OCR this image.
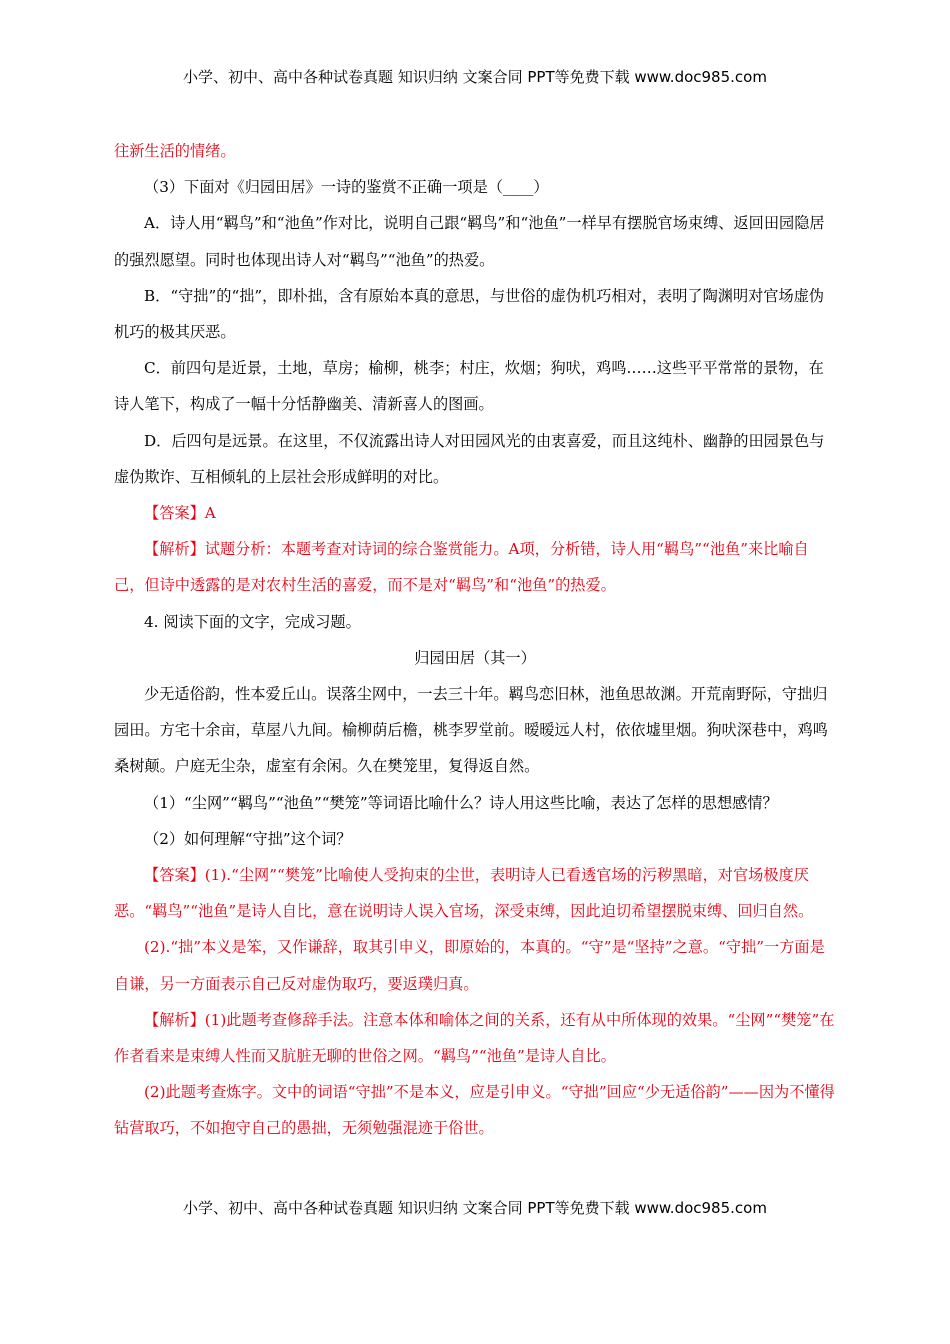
小学、初中、高中各种试卷真题 知识归纳 文案合同 PPT等免费下载 www.doc985.com

往新生活的情绪。

（3）下面对《归园田居》一诗的鉴赏不正确一项是（____）

A．诗人用“羁鸟”和“池鱼”作对比，说明自己跟“羁鸟”和“池鱼”一样早有摆脱官场束缚、返回田园隐居的强烈愿望。同时也体现出诗人对“羁鸟”“池鱼”的热爱。

B．“守拙”的“拙”，即朴拙，含有原始本真的意思，与世俗的虚伪机巧相对，表明了陶渊明对官场虚伪机巧的极其厌恶。

C．前四句是近景，土地，草房；榆柳，桃李；村庄，炊烟；狗吠，鸡鸣……这些平平常常的景物，在诗人笔下，构成了一幅十分恬静幽美、清新喜人的图画。

D．后四句是远景。在这里，不仅流露出诗人对田园风光的由衷喜爱，而且这纯朴、幽静的田园景色与虚伪欺诈、互相倾轧的上层社会形成鲜明的对比。

【答案】A

【解析】试题分析：本题考查对诗词的综合鉴赏能力。A项，分析错，诗人用“羁鸟”“池鱼”来比喻自己，但诗中透露的是对农村生活的喜爱，而不是对“羁鸟”和“池鱼”的热爱。

4. 阅读下面的文字，完成习题。

归园田居（其一）

少无适俗韵，性本爱丘山。误落尘网中，一去三十年。羁鸟恋旧林，池鱼思故渊。开荒南野际，守拙归园田。方宅十余亩，草屋八九间。榆柳荫后檐，桃李罗堂前。暧暧远人村，依依墟里烟。狗吠深巷中，鸡鸣桑树颠。户庭无尘杂，虚室有余闲。久在樊笼里，复得返自然。

（1）“尘网”“羁鸟”“池鱼”“樊笼”等词语比喻什么？诗人用这些比喻，表达了怎样的思想感情？

（2）如何理解“守拙”这个词？

【答案】(1).“尘网”“樊笼”比喻使人受拘束的尘世，表明诗人已看透官场的污秽黑暗，对官场极度厌恶。“羁鸟”“池鱼”是诗人自比，意在说明诗人误入官场，深受束缚，因此迫切希望摆脱束缚、回归自然。

(2).“拙”本义是笨，又作谦辞，取其引申义，即原始的，本真的。“守”是“坚持”之意。“守拙”一方面是自谦，另一方面表示自己反对虚伪取巧，要返璞归真。

【解析】(1)此题考查修辞手法。注意本体和喻体之间的关系，还有从中所体现的效果。“尘网”“樊笼”在作者看来是束缚人性而又肮脏无聊的世俗之网。“羁鸟”“池鱼”是诗人自比。

(2)此题考查炼字。文中的词语“守拙”不是本义，应是引申义。“守拙”回应“少无适俗韵”——因为不懂得钻营取巧，不如抱守自己的愚拙，无须勉强混迹于俗世。

小学、初中、高中各种试卷真题 知识归纳 文案合同 PPT等免费下载 www.doc985.com
